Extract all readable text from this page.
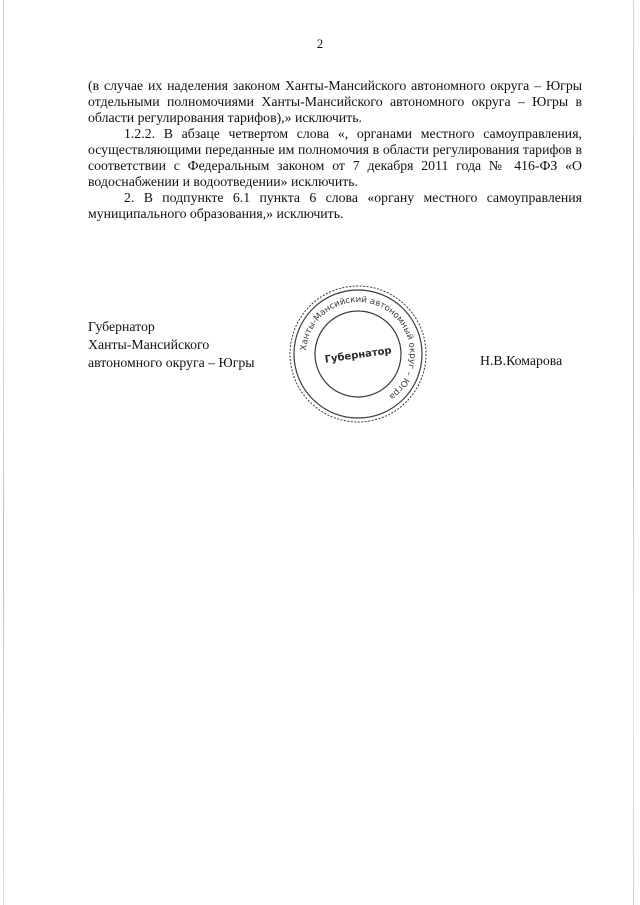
2

(в случае их наделения законом Ханты-Мансийского автономного округа – Югры отдельными полномочиями Ханты-Мансийского автономного округа – Югры в области регулирования тарифов),» исключить.

1.2.2. В абзаце четвертом слова «, органами местного самоуправления, осуществляющими переданные им полномочия в области регулирования тарифов в соответствии с Федеральным законом от 7 декабря 2011 года № 416-ФЗ «О водоснабжении и водоотведении» исключить.

2. В подпункте 6.1 пункта 6 слова «органу местного самоуправления муниципального образования,» исключить.

Губернатор
Ханты-Мансийского
автономного округа – Югры
Ханты-Мансийский автономный округ – Югра
Губернатор	Н.В.Комарова
